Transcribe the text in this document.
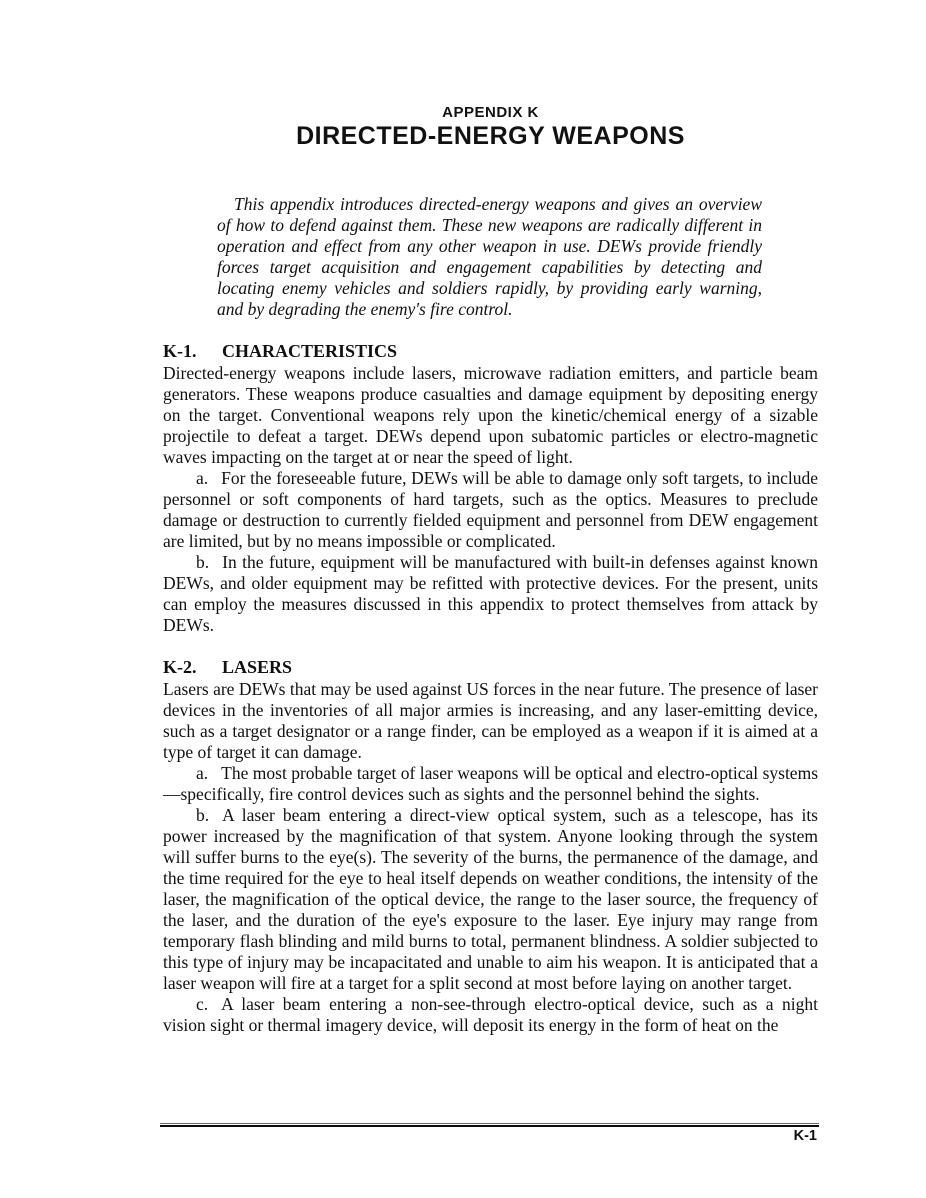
APPENDIX K
DIRECTED-ENERGY WEAPONS

This appendix introduces directed-energy weapons and gives an overview of how to defend against them. These new weapons are radically different in operation and effect from any other weapon in use. DEWs provide friendly forces target acquisition and engagement capabilities by detecting and locating enemy vehicles and soldiers rapidly, by providing early warning, and by degrading the enemy's fire control.

K-1. CHARACTERISTICS

Directed-energy weapons include lasers, microwave radiation emitters, and particle beam generators. These weapons produce casualties and damage equipment by depositing energy on the target. Conventional weapons rely upon the kinetic/chemical energy of a sizable projectile to defeat a target. DEWs depend upon subatomic particles or electro-magnetic waves impacting on the target at or near the speed of light.

a. For the foreseeable future, DEWs will be able to damage only soft targets, to include personnel or soft components of hard targets, such as the optics. Measures to preclude damage or destruction to currently fielded equipment and personnel from DEW engagement are limited, but by no means impossible or complicated.

b. In the future, equipment will be manufactured with built-in defenses against known DEWs, and older equipment may be refitted with protective devices. For the present, units can employ the measures discussed in this appendix to protect themselves from attack by DEWs.

K-2. LASERS

Lasers are DEWs that may be used against US forces in the near future. The presence of laser devices in the inventories of all major armies is increasing, and any laser-emitting device, such as a target designator or a range finder, can be employed as a weapon if it is aimed at a type of target it can damage.

a. The most probable target of laser weapons will be optical and electro-optical systems—specifically, fire control devices such as sights and the personnel behind the sights.

b. A laser beam entering a direct-view optical system, such as a telescope, has its power increased by the magnification of that system. Anyone looking through the system will suffer burns to the eye(s). The severity of the burns, the permanence of the damage, and the time required for the eye to heal itself depends on weather conditions, the intensity of the laser, the magnification of the optical device, the range to the laser source, the frequency of the laser, and the duration of the eye's exposure to the laser. Eye injury may range from temporary flash blinding and mild burns to total, permanent blindness. A soldier subjected to this type of injury may be incapacitated and unable to aim his weapon. It is anticipated that a laser weapon will fire at a target for a split second at most before laying on another target.

c. A laser beam entering a non-see-through electro-optical device, such as a night vision sight or thermal imagery device, will deposit its energy in the form of heat on the

K-1
